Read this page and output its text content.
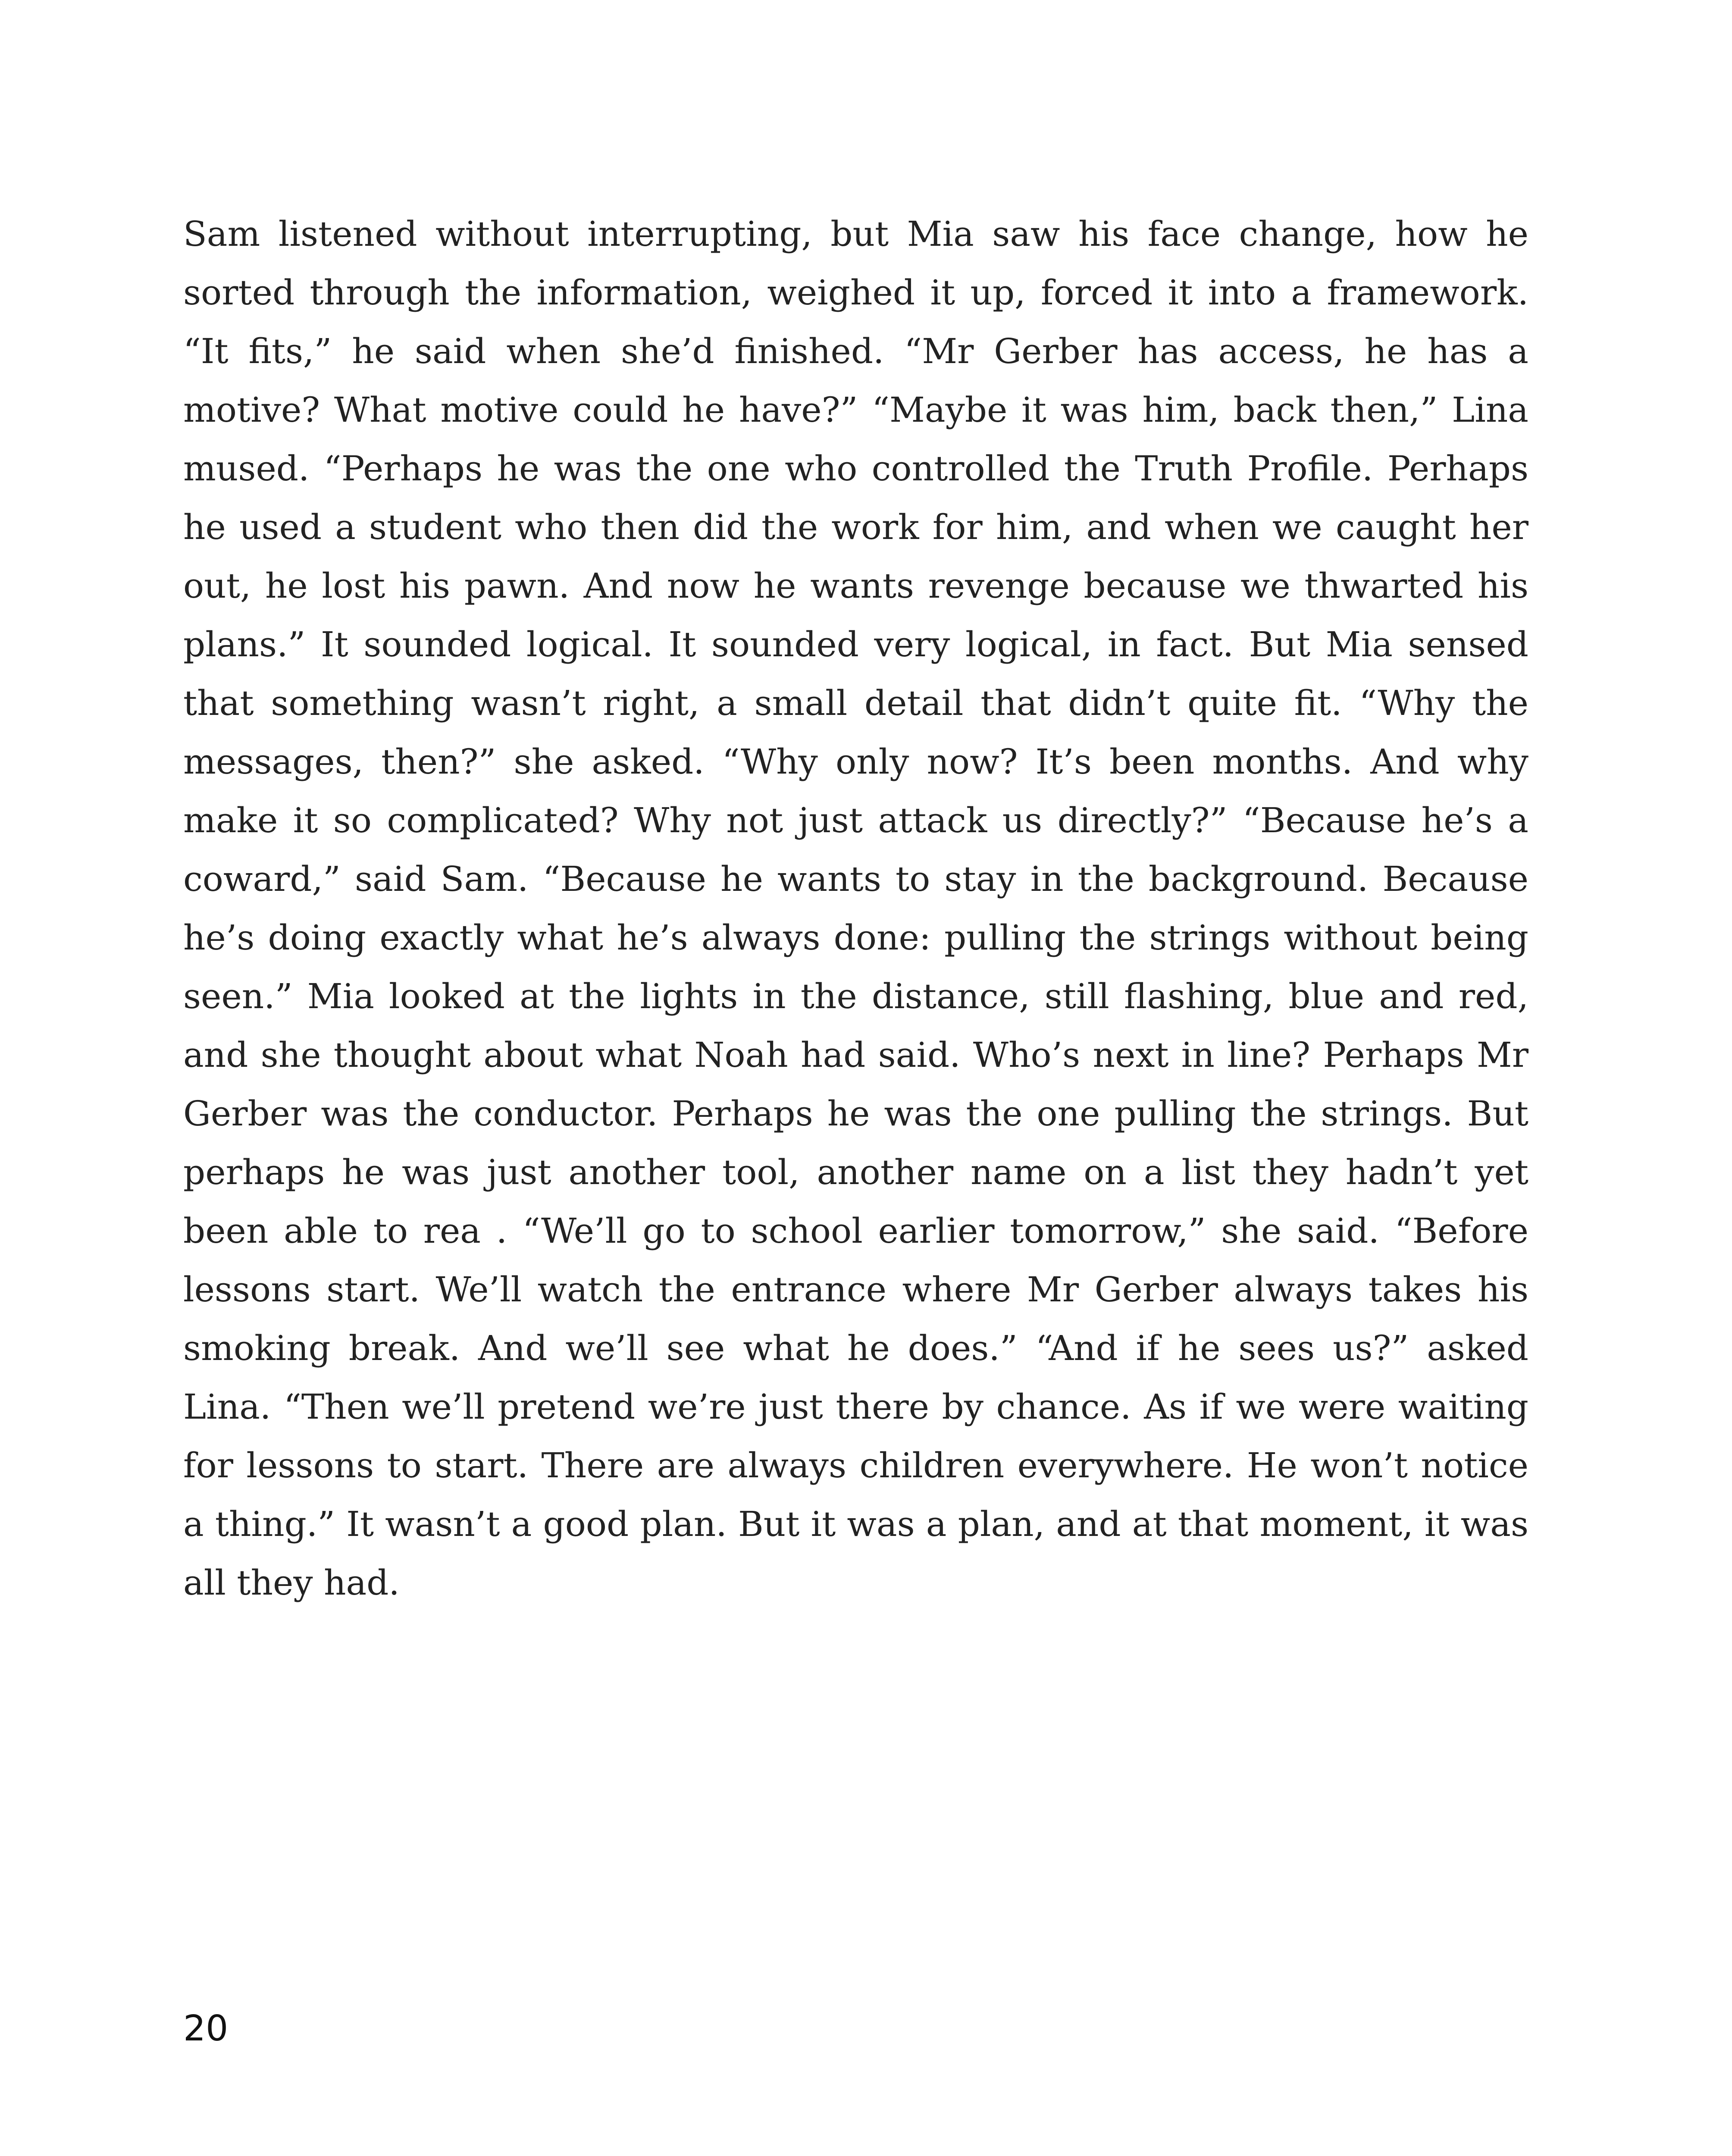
Sam listened without interrupting, but Mia saw his face change, how he sorted through the information, weighed it up, forced it into a framework. “It fits,” he said when she’d finished. “Mr Gerber has access, he has a motive? What motive could he have?” “Maybe it was him, back then,” Lina mused. “Perhaps he was the one who controlled the Truth Profile. Perhaps he used a student who then did the work for him, and when we caught her out, he lost his pawn. And now he wants revenge because we thwarted his plans.” It sounded logical. It sounded very logical, in fact. But Mia sensed that something wasn’t right, a small detail that didn’t quite fit. “Why the messages, then?” she asked. “Why only now? It’s been months. And why make it so complicated? Why not just attack us directly?” “Because he’s a coward,” said Sam. “Because he wants to stay in the background. Because he’s doing exactly what he’s always done: pulling the strings without being seen.” Mia looked at the lights in the distance, still flashing, blue and red, and she thought about what Noah had said. Who’s next in line? Perhaps Mr Gerber was the conductor. Perhaps he was the one pulling the strings. But perhaps he was just another tool, another name on a list they hadn’t yet been able to rea . “We’ll go to school earlier tomorrow,” she said. “Before lessons start. We’ll watch the entrance where Mr Gerber always takes his smoking break. And we’ll see what he does.” “And if he sees us?” asked Lina. “Then we’ll pretend we’re just there by chance. As if we were waiting for lessons to start. There are always children everywhere. He won’t notice a thing.” It wasn’t a good plan. But it was a plan, and at that moment, it was all they had.

20
